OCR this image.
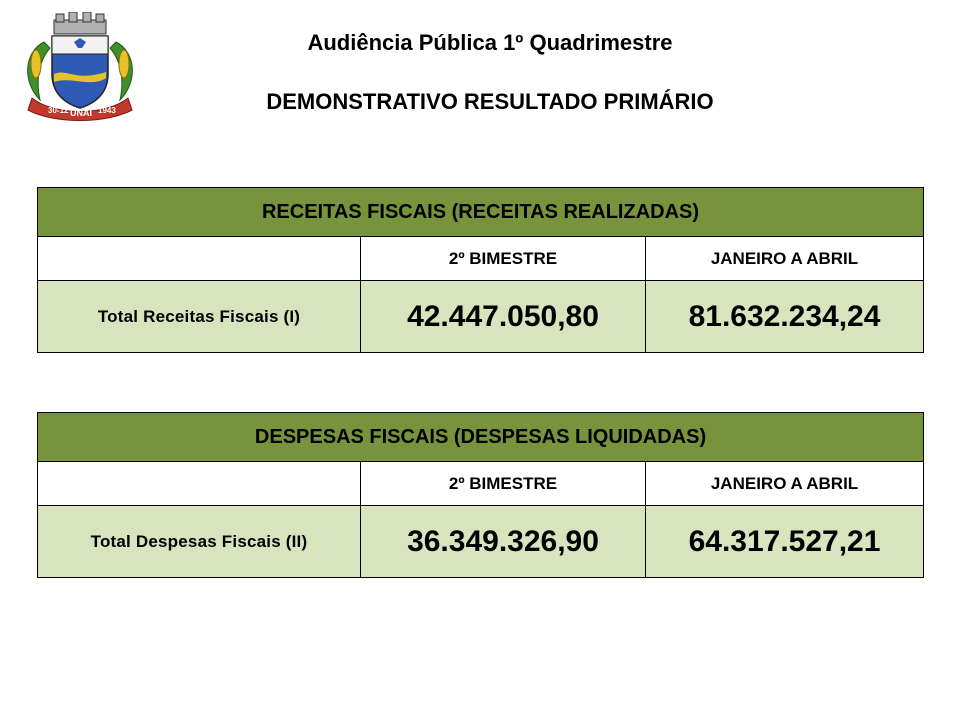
30-12 UNAÍ 1943
Audiência Pública 1º Quadrimestre
DEMONSTRATIVO RESULTADO PRIMÁRIO
RECEITAS FISCAIS (RECEITAS REALIZADAS)		
	2º BIMESTRE	JANEIRO A ABRIL
Total Receitas Fiscais (I)	42.447.050,80	81.632.234,24
DESPESAS FISCAIS (DESPESAS LIQUIDADAS)		
	2º BIMESTRE	JANEIRO A ABRIL
Total Despesas Fiscais (II)	36.349.326,90	64.317.527,21
